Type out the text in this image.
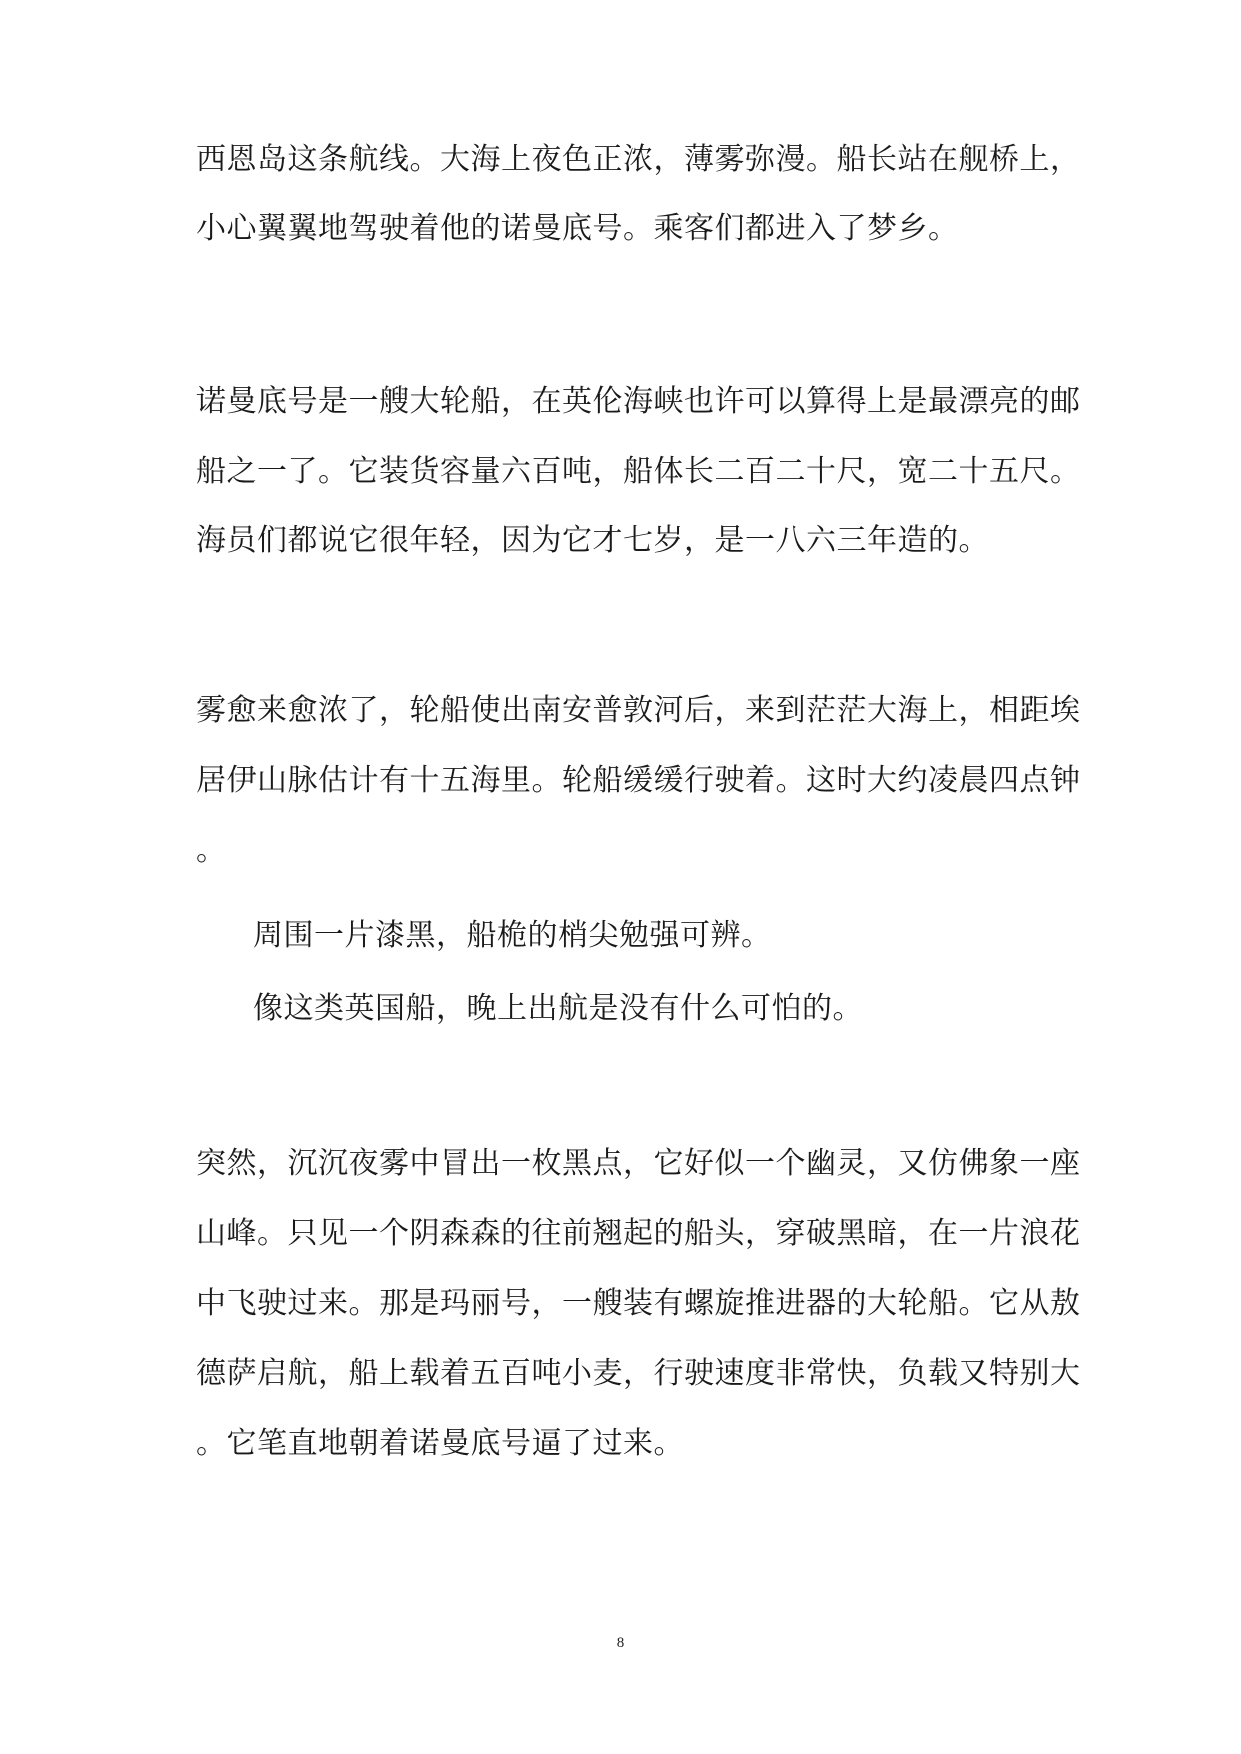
西恩岛这条航线。大海上夜色正浓，薄雾弥漫。船长站在舰桥上，
小心翼翼地驾驶着他的诺曼底号。乘客们都进入了梦乡。
诺曼底号是一艘大轮船，在英伦海峡也许可以算得上是最漂亮的邮
船之一了。它装货容量六百吨，船体长二百二十尺，宽二十五尺。
海员们都说它很年轻，因为它才七岁，是一八六三年造的。
雾愈来愈浓了，轮船使出南安普敦河后，来到茫茫大海上，相距埃
居伊山脉估计有十五海里。轮船缓缓行驶着。这时大约凌晨四点钟
。
周围一片漆黑，船桅的梢尖勉强可辨。
像这类英国船，晚上出航是没有什么可怕的。
突然，沉沉夜雾中冒出一枚黑点，它好似一个幽灵，又仿佛象一座
山峰。只见一个阴森森的往前翘起的船头，穿破黑暗，在一片浪花
中飞驶过来。那是玛丽号，一艘装有螺旋推进器的大轮船。它从敖
德萨启航，船上载着五百吨小麦，行驶速度非常快，负载又特别大
。它笔直地朝着诺曼底号逼了过来。
8
